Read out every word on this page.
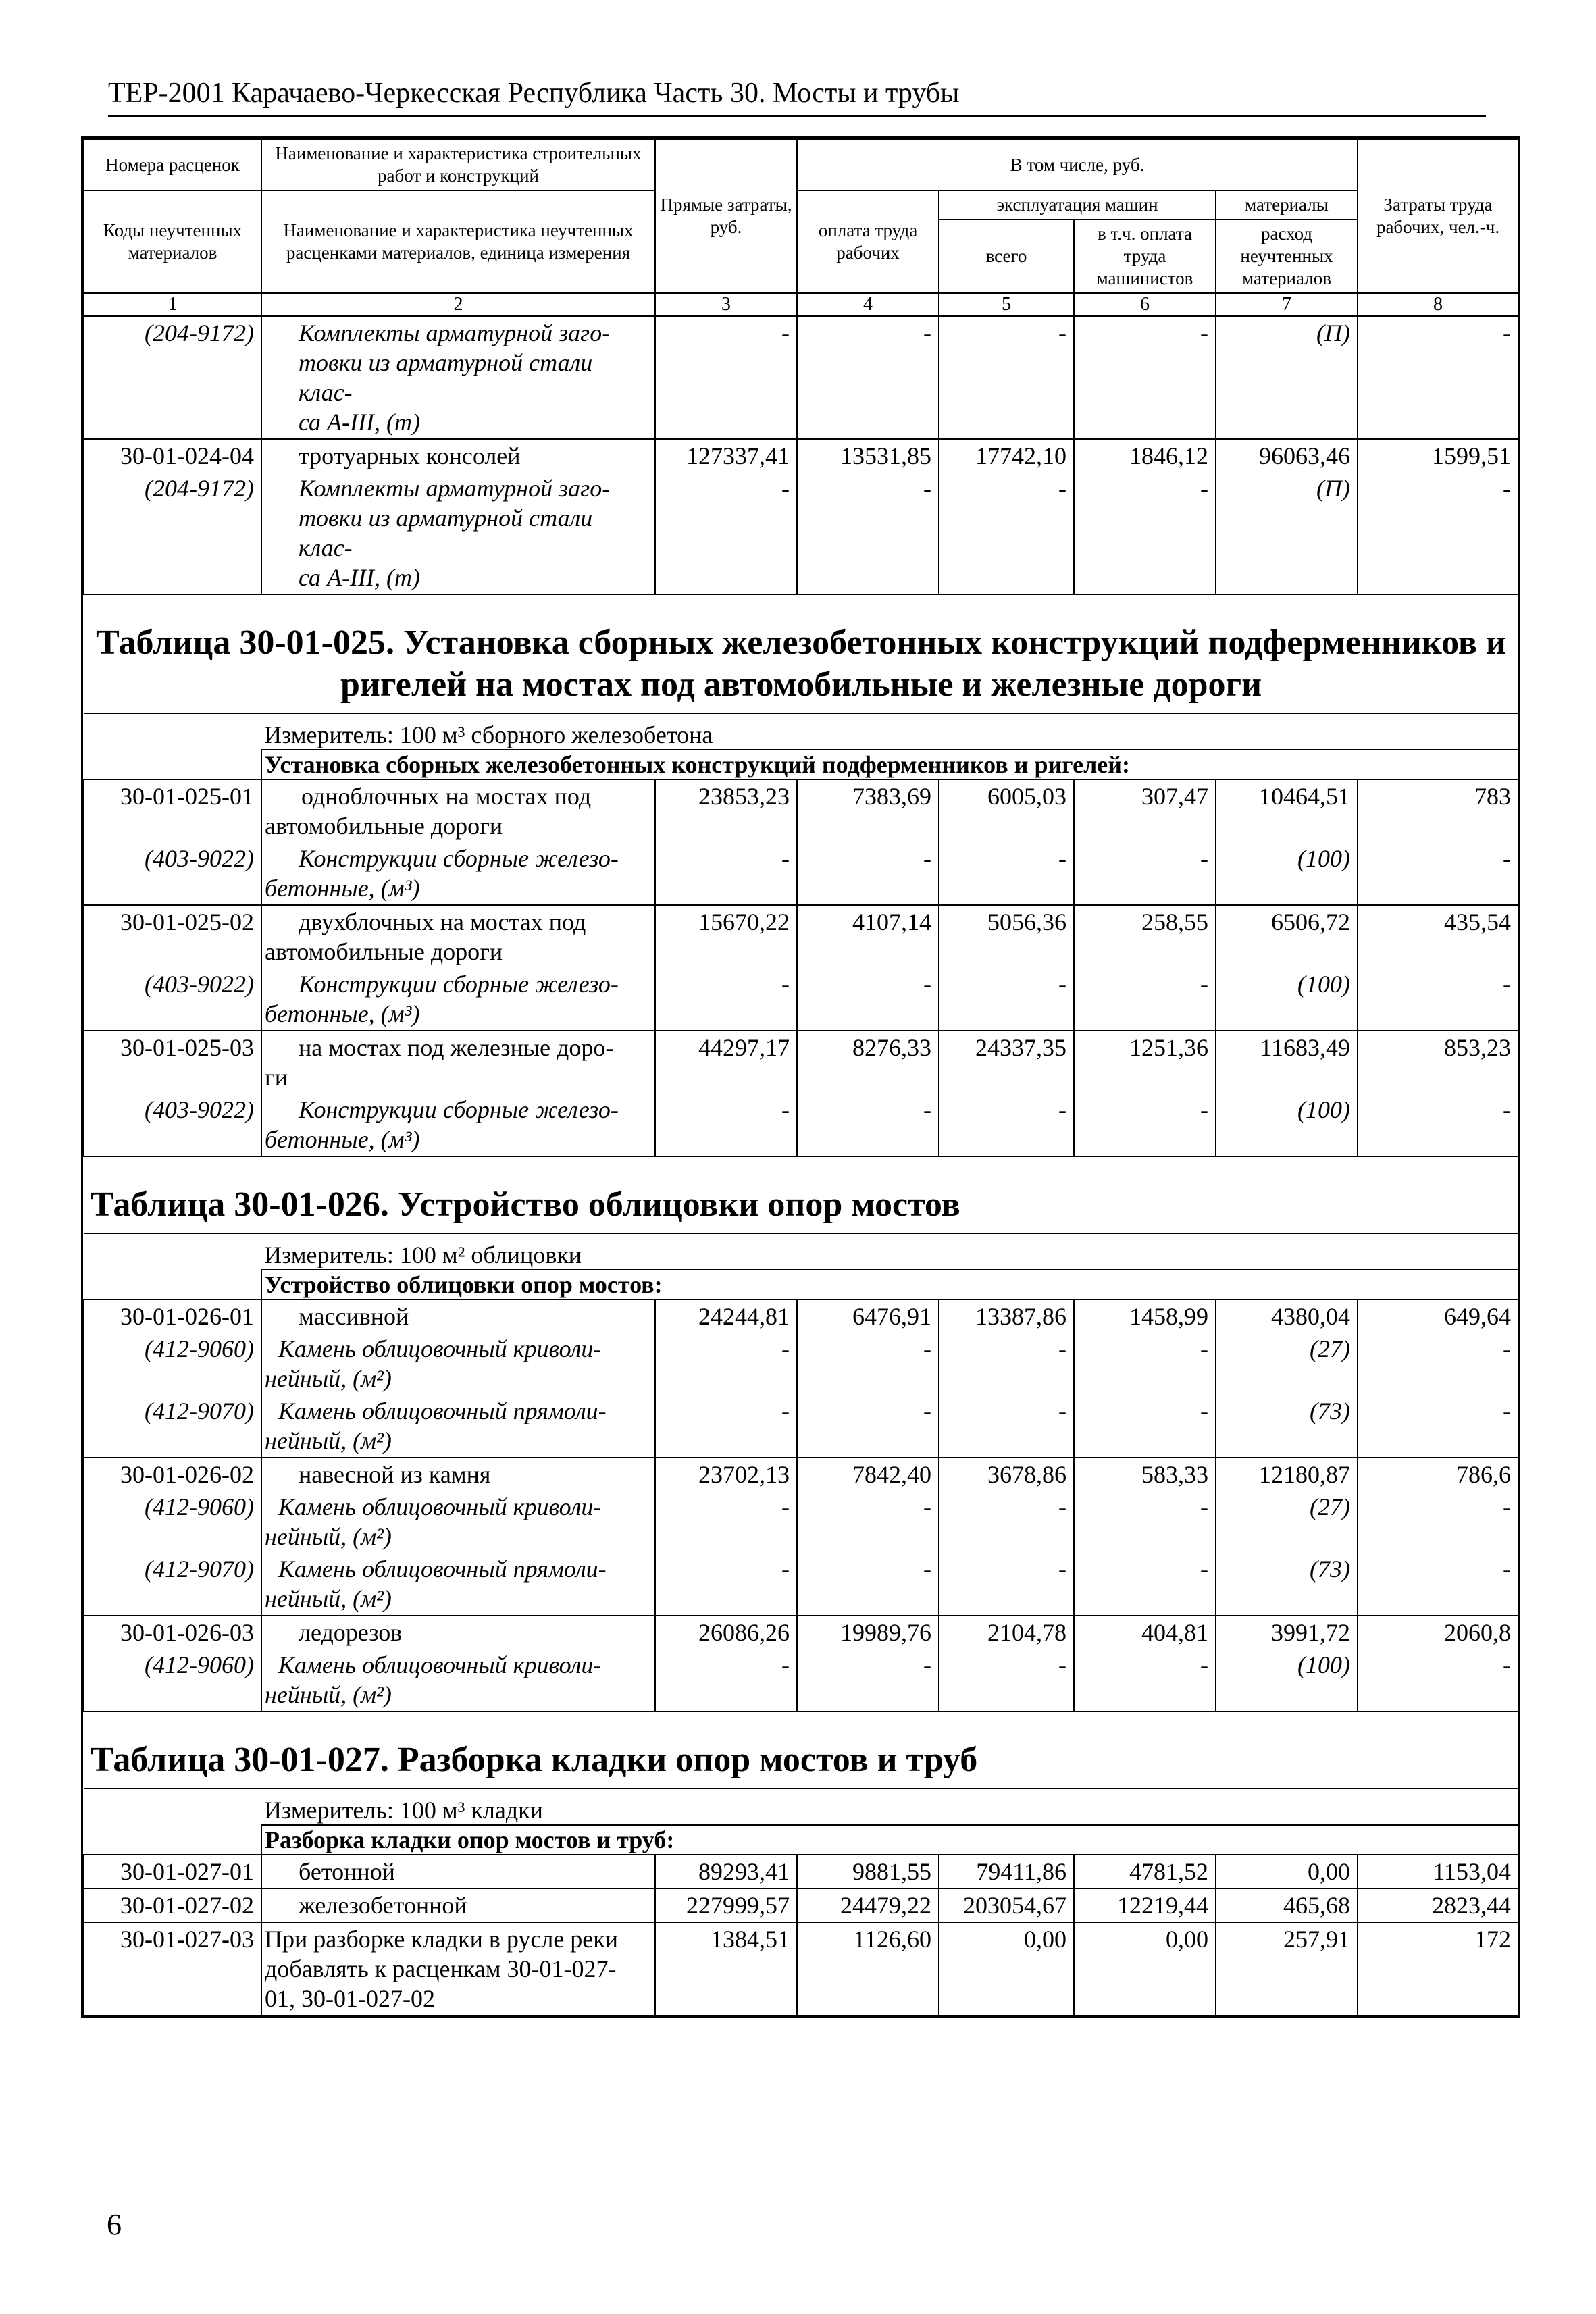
ТЕР-2001 Карачаево-Черкесская Республика Часть 30. Мосты и трубы
Номера расценок	Наименование и характеристика строительных работ и конструкций	Прямые затраты, руб.	В том числе, руб.				Затраты труда рабочих, чел.-ч.
Коды неучтенных материалов	Наименование и характеристика неучтенных расценками материалов, единица измерения		оплата труда рабочих	эксплуатация машин		материалы	
				всего	в т.ч. оплата труда машинистов	расход неучтенных материалов	
1	2	3	4	5	6	7	8
(204-9172)	Комплекты арматурной заго-
товки из арматурной стали клас-
са А-III, (т)	-	-	-	-	(П)	-
30-01-024-04	тротуарных консолей	127337,41	13531,85	17742,10	1846,12	96063,46	1599,51
(204-9172)	Комплекты арматурной заго-
товки из арматурной стали клас-
са А-III, (т)	-	-	-	-	(П)	-

Таблица 30-01-025. Установка сборных железобетонных конструкций подферменников и
ригелей на мостах под автомобильные и железные дороги							

	Измеритель: 100 м³ сборного железобетона						
	Установка сборных железобетонных конструкций подферменников и ригелей:						
30-01-025-01	одноблочных на мостах под
автомобильные дороги	23853,23	7383,69	6005,03	307,47	10464,51	783
(403-9022)	Конструкции сборные железо-
бетонные, (м³)	-	-	-	-	(100)	-
30-01-025-02	двухблочных на мостах под
автомобильные дороги	15670,22	4107,14	5056,36	258,55	6506,72	435,54
(403-9022)	Конструкции сборные железо-
бетонные, (м³)	-	-	-	-	(100)	-
30-01-025-03	на мостах под железные доро-
ги	44297,17	8276,33	24337,35	1251,36	11683,49	853,23
(403-9022)	Конструкции сборные железо-
бетонные, (м³)	-	-	-	-	(100)	-
Таблица 30-01-026. Устройство облицовки опор мостов							
	Измеритель: 100 м² облицовки						
	Устройство облицовки опор мостов:						
30-01-026-01	массивной	24244,81	6476,91	13387,86	1458,99	4380,04	649,64
(412-9060)	Камень облицовочный криволи-
нейный, (м²)	-	-	-	-	(27)	-
(412-9070)	Камень облицовочный прямоли-
нейный, (м²)	-	-	-	-	(73)	-
30-01-026-02	навесной из камня	23702,13	7842,40	3678,86	583,33	12180,87	786,6
(412-9060)	Камень облицовочный криволи-
нейный, (м²)	-	-	-	-	(27)	-
(412-9070)	Камень облицовочный прямоли-
нейный, (м²)	-	-	-	-	(73)	-
30-01-026-03	ледорезов	26086,26	19989,76	2104,78	404,81	3991,72	2060,8
(412-9060)	Камень облицовочный криволи-
нейный, (м²)	-	-	-	-	(100)	-
Таблица 30-01-027. Разборка кладки опор мостов и труб							
	Измеритель: 100 м³ кладки						
	Разборка кладки опор мостов и труб:						
30-01-027-01	бетонной	89293,41	9881,55	79411,86	4781,52	0,00	1153,04
30-01-027-02	железобетонной	227999,57	24479,22	203054,67	12219,44	465,68	2823,44
30-01-027-03	При разборке кладки в русле реки
добавлять к расценкам 30-01-027-
01, 30-01-027-02	1384,51	1126,60	0,00	0,00	257,91	172
6
